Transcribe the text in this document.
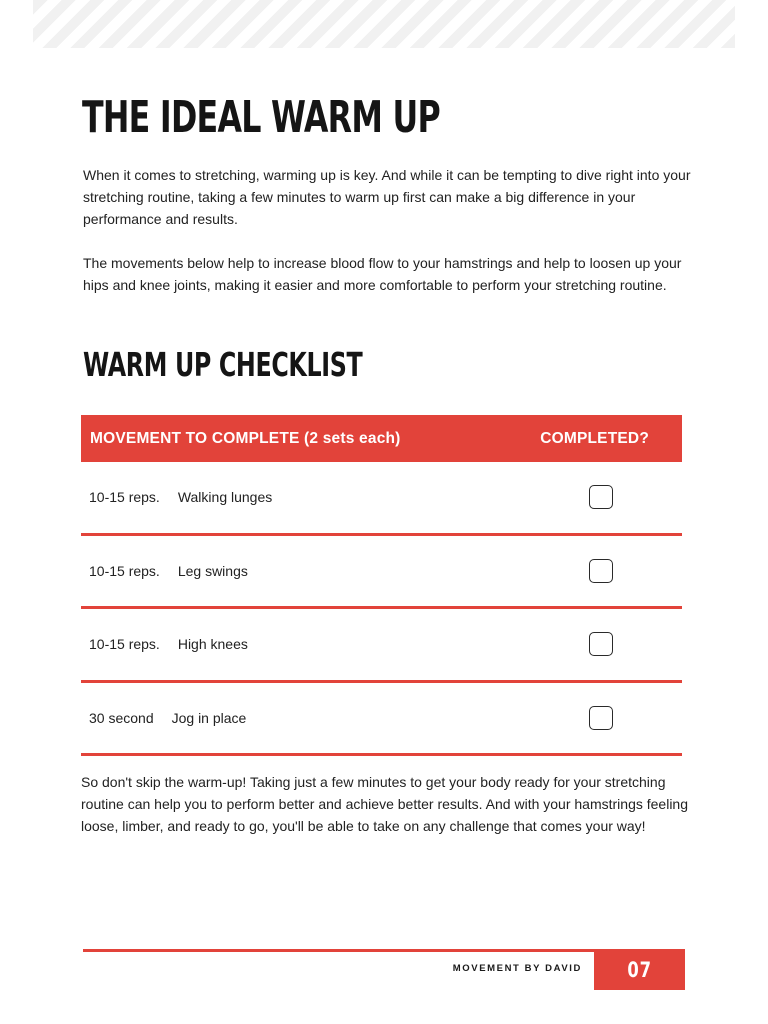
THE IDEAL WARM UP

When it comes to stretching, warming up is key. And while it can be tempting to dive right into your stretching routine, taking a few minutes to warm up first can make a big difference in your performance and results.

The movements below help to increase blood flow to your hamstrings and help to loosen up your hips and knee joints, making it easier and more comfortable to perform your stretching routine.

WARM UP CHECKLIST
MOVEMENT TO COMPLETE (2 sets each)	COMPLETED?
10-15 reps. Walking lunges
10-15 reps. Leg swings
10-15 reps. High knees
30 second Jog in place

So don't skip the warm-up! Taking just a few minutes to get your body ready for your stretching routine can help you to perform better and achieve better results. And with your hamstrings feeling loose, limber, and ready to go, you'll be able to take on any challenge that comes your way!

MOVEMENT BY DAVID 07
